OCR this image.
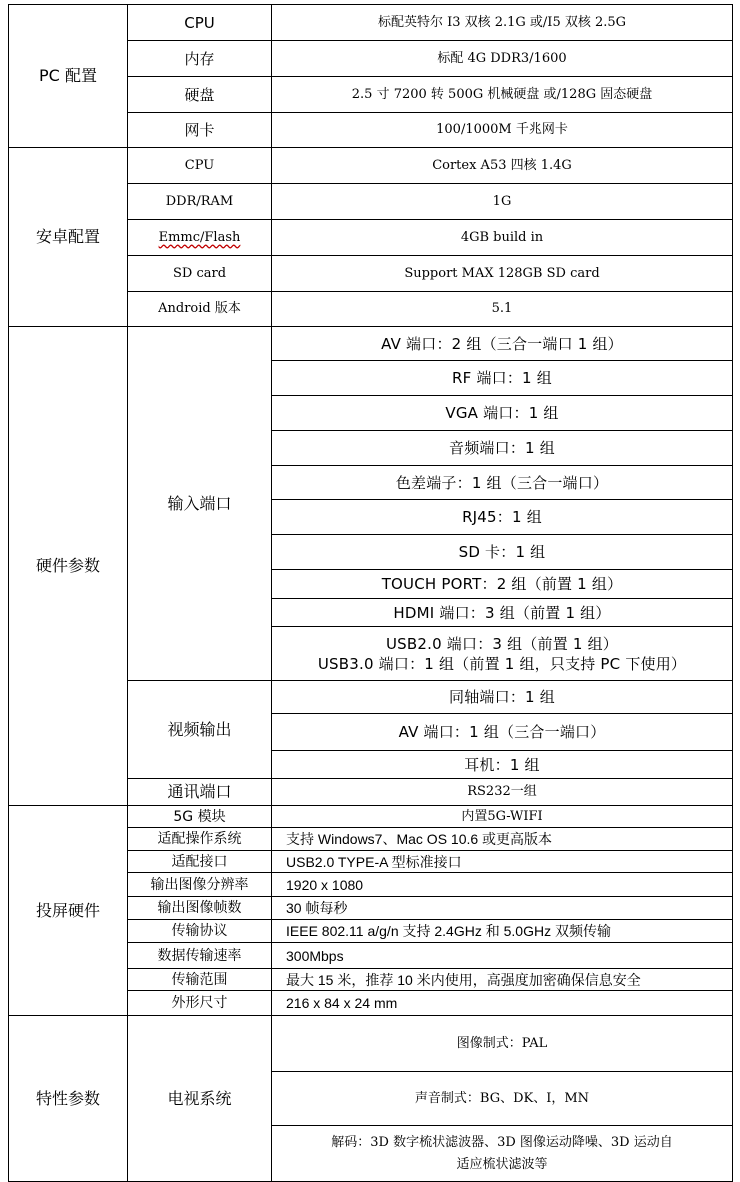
PC 配置	CPU	标配英特尔 I3 双核 2.1G 或/I5 双核 2.5G
	内存	标配 4G DDR3/1600
	硬盘	2.5 寸 7200 转 500G 机械硬盘 或/128G 固态硬盘
	网卡	100/1000M 千兆网卡
安卓配置	CPU	Cortex A53 四核 1.4G
	DDR/RAM	1G
	Emmc/Flash	4GB build in
	SD card	Support MAX 128GB SD card
	Android 版本	5.1
硬件参数	输入端口	AV 端口：2 组（三合一端口 1 组）
		RF 端口：1 组
		VGA 端口：1 组
		音频端口：1 组
		色差端子：1 组（三合一端口）
		RJ45：1 组
		SD 卡：1 组
		TOUCH PORT：2 组（前置 1 组）
		HDMI 端口：3 组（前置 1 组）

		USB2.0 端口：3 组（前置 1 组）
USB3.0 端口：1 组（前置 1 组，只支持 PC 下使用）

	视频输出	同轴端口：1 组
		AV 端口：1 组（三合一端口）
		耳机：1 组
	通讯端口	RS232一组
投屏硬件	5G 模块	内置5G-WIFI
	适配操作系统	支持 Windows7、Mac OS 10.6 或更高版本
	适配接口	USB2.0 TYPE-A 型标准接口
	输出图像分辨率	1920 x 1080
	输出图像帧数	30 帧每秒
	传输协议	IEEE 802.11 a/g/n 支持 2.4GHz 和 5.0GHz 双频传输
	数据传输速率	300Mbps
	传输范围	最大 15 米，推荐 10 米内使用，高强度加密确保信息安全
	外形尺寸	216 x 84 x 24 mm
特性参数	电视系统	图像制式：PAL
		声音制式：BG、DK、I，MN

		解码：3D 数字梳状滤波器、3D 图像运动降噪、3D 运动自
适应梳状滤波等
